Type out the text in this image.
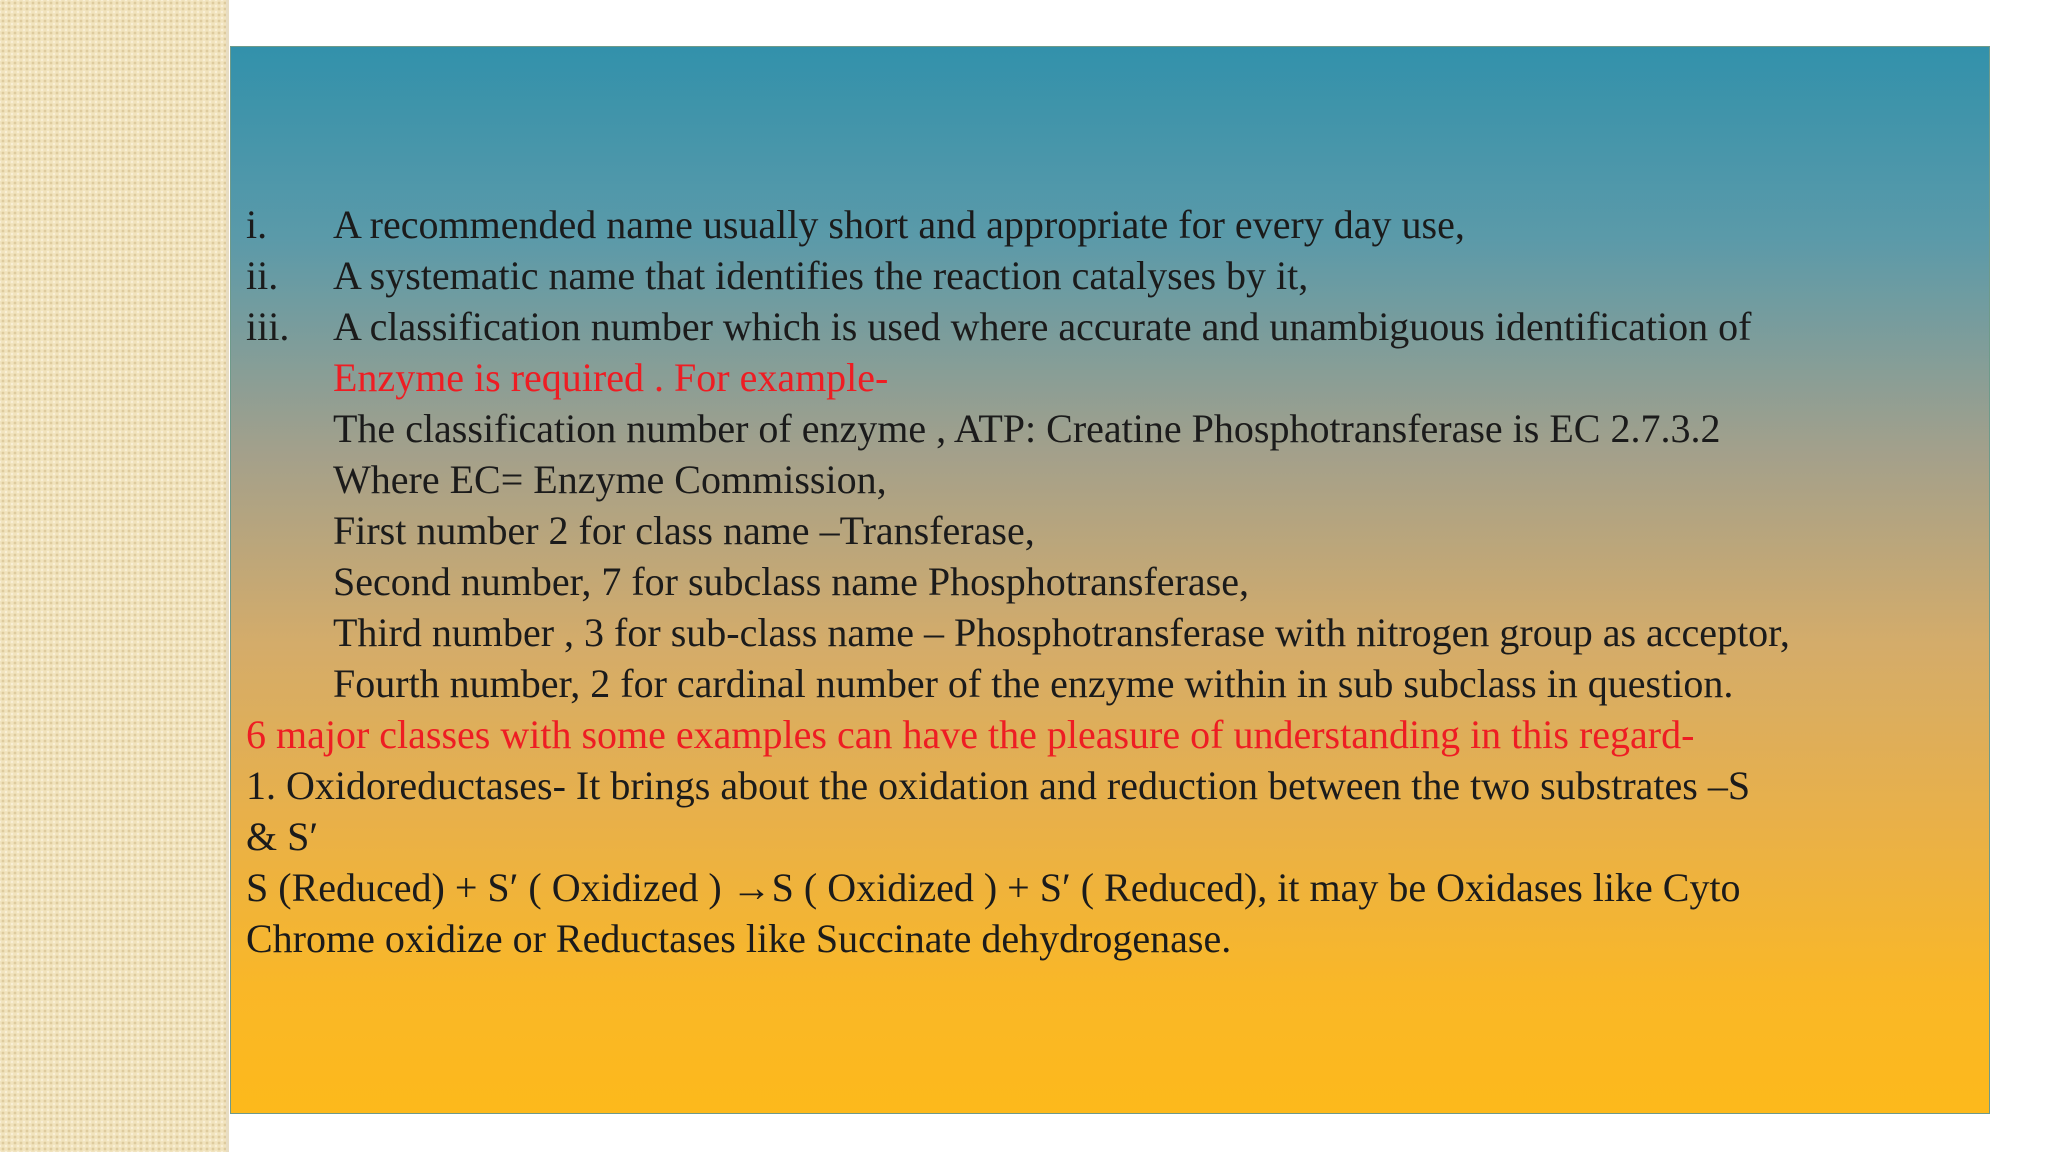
i.	A recommended name usually short and appropriate for every day use,
ii.	A systematic name that identifies the reaction catalyses by it,
iii.	A classification number which is used where accurate and unambiguous identification of
Enzyme is required . For example-
The classification number of enzyme , ATP: Creatine Phosphotransferase is EC 2.7.3.2
Where EC= Enzyme Commission,
First number 2 for class name –Transferase,
Second number, 7 for subclass name Phosphotransferase,
Third number , 3 for sub-class name – Phosphotransferase with nitrogen group as acceptor,
Fourth number, 2 for cardinal number of the enzyme within in sub subclass in question.
6 major classes with some examples can have the pleasure of understanding in this regard-
1. Oxidoreductases- It brings about the oxidation and reduction between the two substrates –S
& S′
S (Reduced) + S′ ( Oxidized ) →S ( Oxidized ) + S′ ( Reduced), it may be Oxidases like Cyto
Chrome oxidize or Reductases like Succinate dehydrogenase.
